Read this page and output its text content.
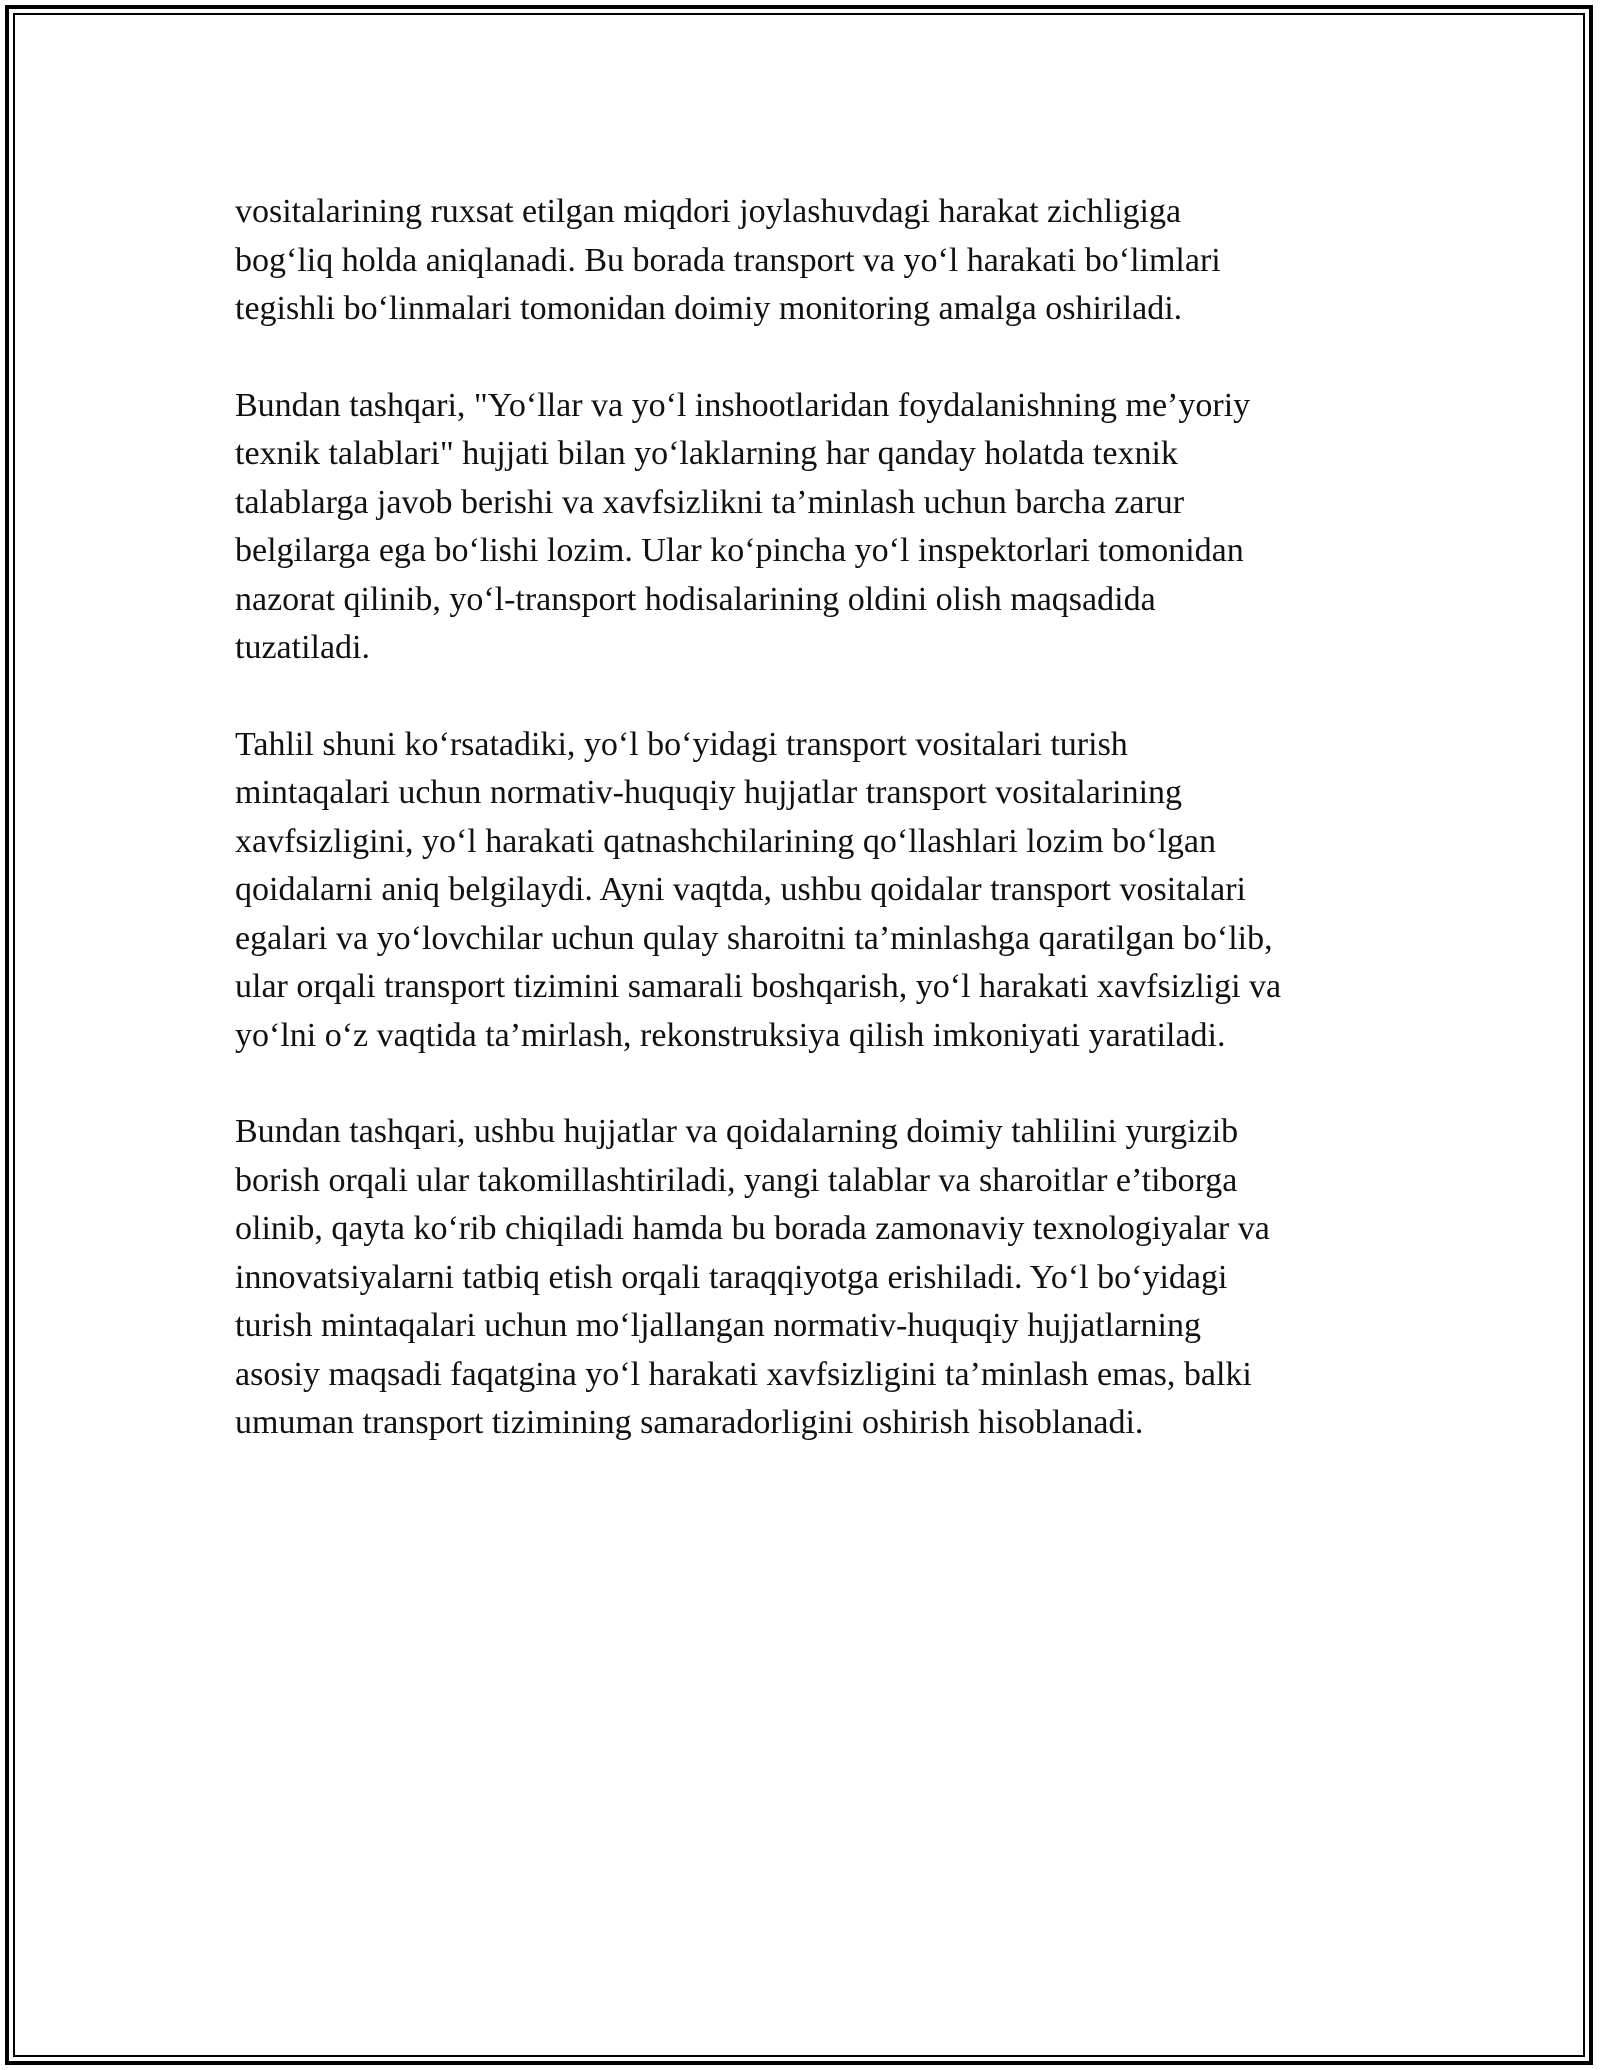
vositalarining ruxsat etilgan miqdori joylashuvdagi harakat zichligiga
bog‘liq holda aniqlanadi. Bu borada transport va yo‘l harakati bo‘limlari
tegishli bo‘linmalari tomonidan doimiy monitoring amalga oshiriladi.

Bundan tashqari, "Yo‘llar va yo‘l inshootlaridan foydalanishning me’yoriy
texnik talablari" hujjati bilan yo‘laklarning har qanday holatda texnik
talablarga javob berishi va xavfsizlikni ta’minlash uchun barcha zarur
belgilarga ega bo‘lishi lozim. Ular ko‘pincha yo‘l inspektorlari tomonidan
nazorat qilinib, yo‘l-transport hodisalarining oldini olish maqsadida
tuzatiladi.

Tahlil shuni ko‘rsatadiki, yo‘l bo‘yidagi transport vositalari turish
mintaqalari uchun normativ-huquqiy hujjatlar transport vositalarining
xavfsizligini, yo‘l harakati qatnashchilarining qo‘llashlari lozim bo‘lgan
qoidalarni aniq belgilaydi. Ayni vaqtda, ushbu qoidalar transport vositalari
egalari va yo‘lovchilar uchun qulay sharoitni ta’minlashga qaratilgan bo‘lib,
ular orqali transport tizimini samarali boshqarish, yo‘l harakati xavfsizligi va
yo‘lni o‘z vaqtida ta’mirlash, rekonstruksiya qilish imkoniyati yaratiladi.

Bundan tashqari, ushbu hujjatlar va qoidalarning doimiy tahlilini yurgizib
borish orqali ular takomillashtiriladi, yangi talablar va sharoitlar e’tiborga
olinib, qayta ko‘rib chiqiladi hamda bu borada zamonaviy texnologiyalar va
innovatsiyalarni tatbiq etish orqali taraqqiyotga erishiladi. Yo‘l bo‘yidagi
turish mintaqalari uchun mo‘ljallangan normativ-huquqiy hujjatlarning
asosiy maqsadi faqatgina yo‘l harakati xavfsizligini ta’minlash emas, balki
umuman transport tizimining samaradorligini oshirish hisoblanadi.
